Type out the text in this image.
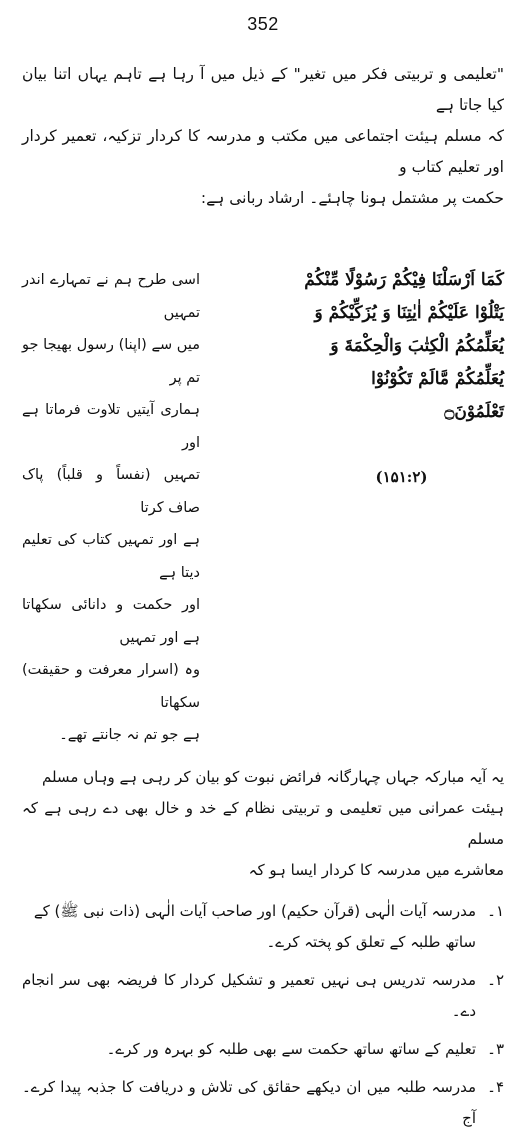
352

"تعلیمی و تربیتی فکر میں تغیر" کے ذیل میں آ رہا ہے تاہم یہاں اتنا بیان کیا جاتا ہے
کہ مسلم ہیئت اجتماعی میں مکتب و مدرسہ کا کردار تزکیہ، تعمیر کردار اور تعلیم کتاب و
حکمت پر مشتمل ہونا چاہئے۔ ارشاد ربانی ہے:

كَمَا اَرْسَلْنَا فِيْكُمْ رَسُوْلًا مِّنْكُمْ
يَتْلُوْا عَلَيْكُمْ اٰيٰتِنَا وَ يُزَكِّيْكُمْ وَ
يُعَلِّمُكُمُ الْكِتٰبَ وَالْحِكْمَةَ وَ
يُعَلِّمُكُمْ مَّالَمْ تَكُوْنُوْا
تَعْلَمُوْنَ۝
(۱۵۱:۲)
اسی طرح ہم نے تمہارے اندر تمہیں
میں سے (اپنا) رسول بھیجا جو تم پر
ہماری آیتیں تلاوت فرماتا ہے اور
تمہیں (نفساً و قلباً) پاک صاف کرتا
ہے اور تمہیں کتاب کی تعلیم دیتا ہے
اور حکمت و دانائی سکھاتا ہے اور تمہیں
وہ (اسرار معرفت و حقیقت) سکھاتا
ہے جو تم نہ جانتے تھے۔

یہ آیہ مبارکہ جہاں چہارگانہ فرائض نبوت کو بیان کر رہی ہے وہاں مسلم
ہیئت عمرانی میں تعلیمی و تربیتی نظام کے خد و خال بھی دے رہی ہے کہ مسلم
معاشرے میں مدرسہ کا کردار ایسا ہو کہ

۱۔
مدرسہ آیات الٰہی (قرآن حکیم) اور صاحب آیات الٰہی (ذات نبی ﷺ) کے
ساتھ طلبہ کے تعلق کو پختہ کرے۔
۲۔
مدرسہ تدریس ہی نہیں تعمیر و تشکیل کردار کا فریضہ بھی سر انجام دے۔
۳۔
تعلیم کے ساتھ ساتھ حکمت سے بھی طلبہ کو بہرہ ور کرے۔
۴۔
مدرسہ طلبہ میں ان دیکھے حقائق کی تلاش و دریافت کا جذبہ پیدا کرے۔ آج
